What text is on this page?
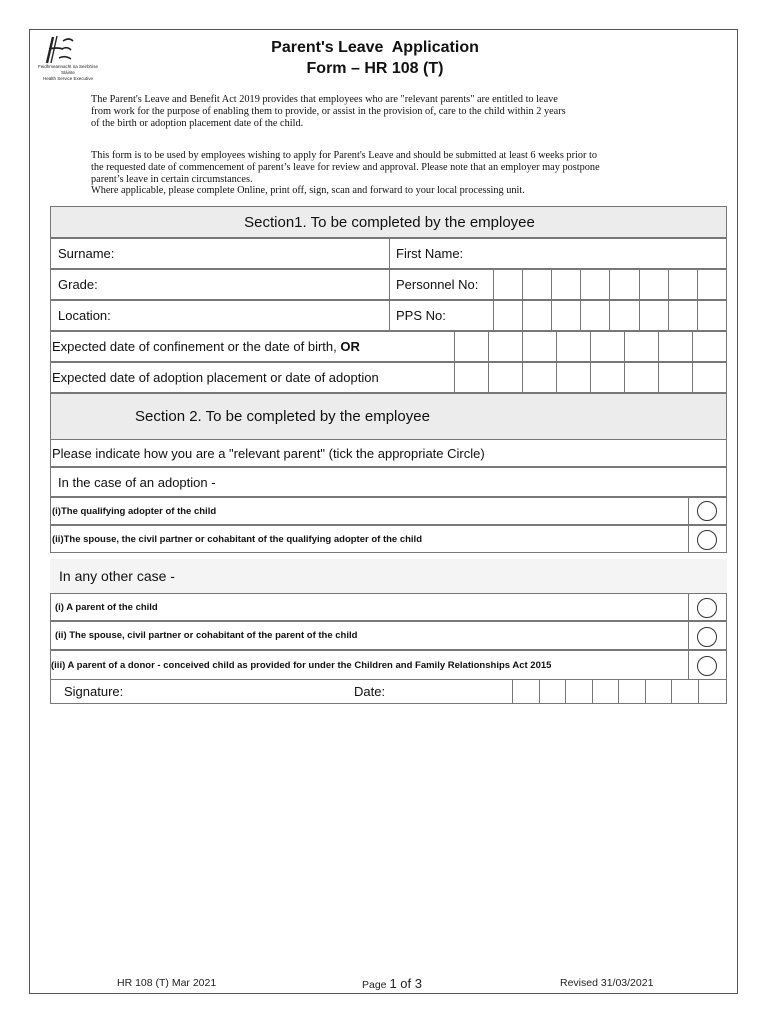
Feidhmeannacht na Seirbhíse Sláinte
Health Service Executive
Parent's Leave  Application
Form – HR 108 (T)
The Parent's Leave and Benefit Act 2019 provides that employees who are "relevant parents" are entitled to leave
from work for the purpose of enabling them to provide, or assist in the provision of, care to the child within 2 years
of the birth or adoption placement date of the child.
This form is to be used by employees wishing to apply for Parent's Leave and should be submitted at least 6 weeks prior to
the requested date of commencement of parent’s leave for review and approval. Please note that an employer may postpone
parent’s leave in certain circumstances.
Where applicable, please complete Online, print off, sign, scan and forward to your local processing unit.
Section1. To be completed by the employee
Surname:	First Name:
Grade:	Personnel No:
Location:	PPS No:
Expected date of confinement or the date of birth, OR
Expected date of adoption placement or date of adoption
Section 2. To be completed by the employee
Please indicate how you are a "relevant parent" (tick the appropriate Circle)
In the case of an adoption -
(i)The qualifying adopter of the child
(ii)The spouse, the civil partner or cohabitant of the qualifying adopter of the child
In any other case -
(i) A parent of the child
(ii) The spouse, civil partner or cohabitant of the parent of the child
(iii) A parent of a donor - conceived child as provided for under the Children and Family Relationships Act 2015
Signature:	Date:
HR 108 (T) Mar 2021	Page 1 of 3	Revised 31/03/2021
